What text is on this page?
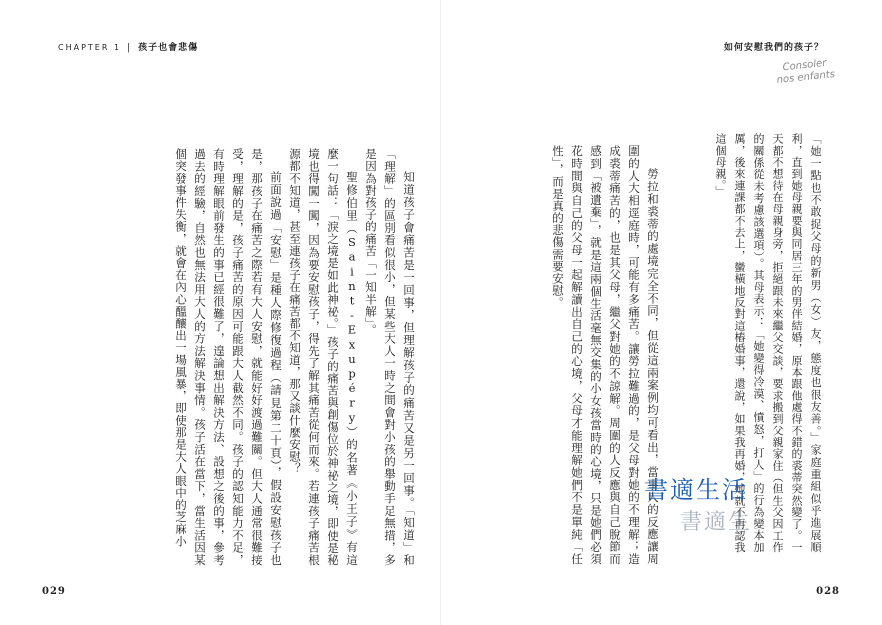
CHAPTER 1 | 孩子也會悲傷	如何安慰我們的孩子？
Consoler
nos enfants

知道孩子會痛苦是一回事，但理解孩子的痛苦又是另一回事。「知道」和「理解」的區別看似很小，但某些大人一時之間會對小孩的舉動手足無措，多是因為對孩子的痛苦「一知半解」。

聖修伯里（Saint-Exupéry）的名著《小王子》有這麼一句話：「淚之境是如此神祕。」孩子的痛苦與創傷位於神祕之境，即使是秘境也得闖一闖，因為要安慰孩子，得先了解其痛苦從何而來。若連孩子痛苦根源都不知道，甚至連孩子在痛苦都不知道，那又談什麼安慰？

前面說過「安慰」是種人際修復過程（請見第二十頁），假設安慰孩子也是，那孩子在痛苦之際若有大人安慰，就能好好渡過難關。但大人通常很難接受，理解的是，孩子痛苦的原因可能跟大人截然不同。孩子的認知能力不足，有時理解眼前發生的事已經很難了，遑論想出解決方法、設想之後的事，參考過去的經驗，自然也無法用大人的方法解決事情。孩子活在當下，當生活因某個突發事件失衡，就會在內心醞釀出一場風暴，即使那是大人眼中的芝麻小	「她一點也不敢捉父母的新男（女）友，態度也很友善。」家庭重組似乎進展順利，直到她母親要與同居三年的男伴結婚，原本跟他處得不錯的裘蒂突然變了。一天都不想待在母親身旁，拒絕跟未來繼父交談，要求搬到父親家住（但生父因工作的關係從未考慮該選項）。其母表示：「她變得冷漠、憤怒，打人」的行為變本加厲，後來連課都不去上，蠻橫地反對這樁婚事，還說，如果我再婚，她就不再認我這個母親。」

勞拉和裘蒂的處境完全不同，但從這兩案例均可看出，當事人的反應讓周圍的人大相逕庭時，可能有多痛苦。讓勞拉難過的，是父母對她的不理解；造成裘蒂痛苦的，也是其父母，繼父對她的不諒解。周圍的人反應與自己脫節而感到「被遺棄」，就是這兩個生活毫無交集的小女孩當時的心境，只是她們必須花時間與自己的父母一起解讀出自己的心境，父母才能理解她們不是單純「任性」，而是真的悲傷需要安慰。

029	028
書適生活
書適生
